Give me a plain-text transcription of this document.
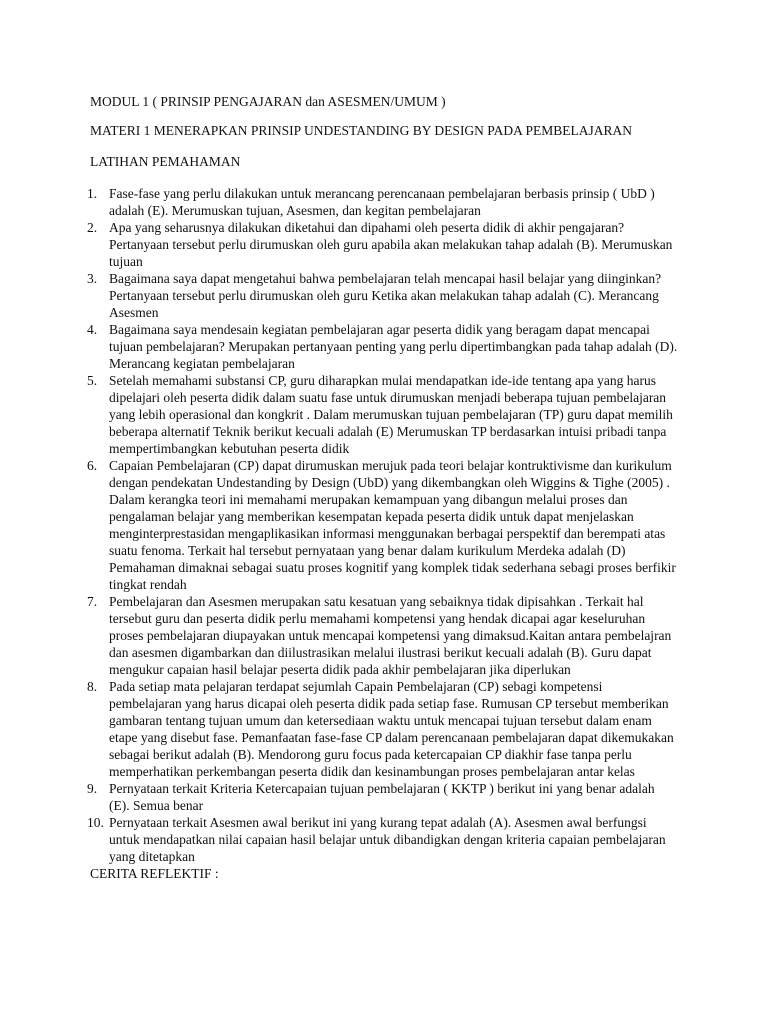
MODUL 1 ( PRINSIP PENGAJARAN dan ASESMEN/UMUM )

MATERI 1 MENERAPKAN PRINSIP UNDESTANDING BY DESIGN PADA PEMBELAJARAN

LATIHAN PEMAHAMAN

1. Fase-fase yang perlu dilakukan untuk merancang perencanaan pembelajaran berbasis prinsip ( UbD ) adalah (E). Merumuskan tujuan, Asesmen, dan kegitan pembelajaran
2. Apa yang seharusnya dilakukan diketahui dan dipahami oleh peserta didik di akhir pengajaran? Pertanyaan tersebut perlu dirumuskan oleh guru apabila akan melakukan tahap adalah (B). Merumuskan tujuan
3. Bagaimana saya dapat mengetahui bahwa pembelajaran telah mencapai hasil belajar yang diinginkan? Pertanyaan tersebut perlu dirumuskan oleh guru Ketika akan melakukan tahap adalah (C). Merancang Asesmen
4. Bagaimana saya mendesain kegiatan pembelajaran agar peserta didik yang beragam dapat mencapai tujuan pembelajaran? Merupakan pertanyaan penting yang perlu dipertimbangkan pada tahap adalah (D). Merancang kegiatan pembelajaran
5. Setelah memahami substansi CP, guru diharapkan mulai mendapatkan ide-ide tentang apa yang harus dipelajari oleh peserta didik dalam suatu fase untuk dirumuskan menjadi beberapa tujuan pembelajaran yang lebih operasional dan kongkrit . Dalam merumuskan tujuan pembelajaran (TP) guru dapat memilih beberapa alternatif Teknik berikut kecuali adalah (E) Merumuskan TP berdasarkan intuisi pribadi tanpa mempertimbangkan kebutuhan peserta didik
6. Capaian Pembelajaran (CP) dapat dirumuskan merujuk pada teori belajar kontruktivisme dan kurikulum dengan pendekatan Undestanding by Design (UbD) yang dikembangkan oleh Wiggins & Tighe (2005) . Dalam kerangka teori ini memahami merupakan kemampuan yang dibangun melalui proses dan pengalaman belajar yang memberikan kesempatan kepada peserta didik untuk dapat menjelaskan menginterprestasidan mengaplikasikan informasi menggunakan berbagai perspektif dan berempati atas suatu fenoma. Terkait hal tersebut pernyataan yang benar dalam kurikulum Merdeka adalah (D) Pemahaman dimaknai sebagai suatu proses kognitif yang komplek tidak sederhana sebagi proses berfikir tingkat rendah
7. Pembelajaran dan Asesmen merupakan satu kesatuan yang sebaiknya tidak dipisahkan . Terkait hal tersebut guru dan peserta didik perlu memahami kompetensi yang hendak dicapai agar keseluruhan proses pembelajaran diupayakan untuk mencapai kompetensi yang dimaksud.Kaitan antara pembelajran dan asesmen digambarkan dan diilustrasikan melalui ilustrasi berikut kecuali adalah (B). Guru dapat mengukur capaian hasil belajar peserta didik pada akhir pembelajaran jika diperlukan
8. Pada setiap mata pelajaran terdapat sejumlah Capain Pembelajaran (CP) sebagi kompetensi pembelajaran yang harus dicapai oleh peserta didik pada setiap fase. Rumusan CP tersebut memberikan gambaran tentang tujuan umum dan ketersediaan waktu untuk mencapai tujuan tersebut dalam enam etape yang disebut fase. Pemanfaatan fase-fase CP dalam perencanaan pembelajaran dapat dikemukakan sebagai berikut adalah (B). Mendorong guru focus pada ketercapaian CP diakhir fase tanpa perlu memperhatikan perkembangan peserta didik dan kesinambungan proses pembelajaran antar kelas
9. Pernyataan terkait Kriteria Ketercapaian tujuan pembelajaran ( KKTP ) berikut ini yang benar adalah (E). Semua benar
10. Pernyataan terkait Asesmen awal berikut ini yang kurang tepat adalah (A). Asesmen awal berfungsi untuk mendapatkan nilai capaian hasil belajar untuk dibandigkan dengan kriteria capaian pembelajaran yang ditetapkan

CERITA REFLEKTIF :
